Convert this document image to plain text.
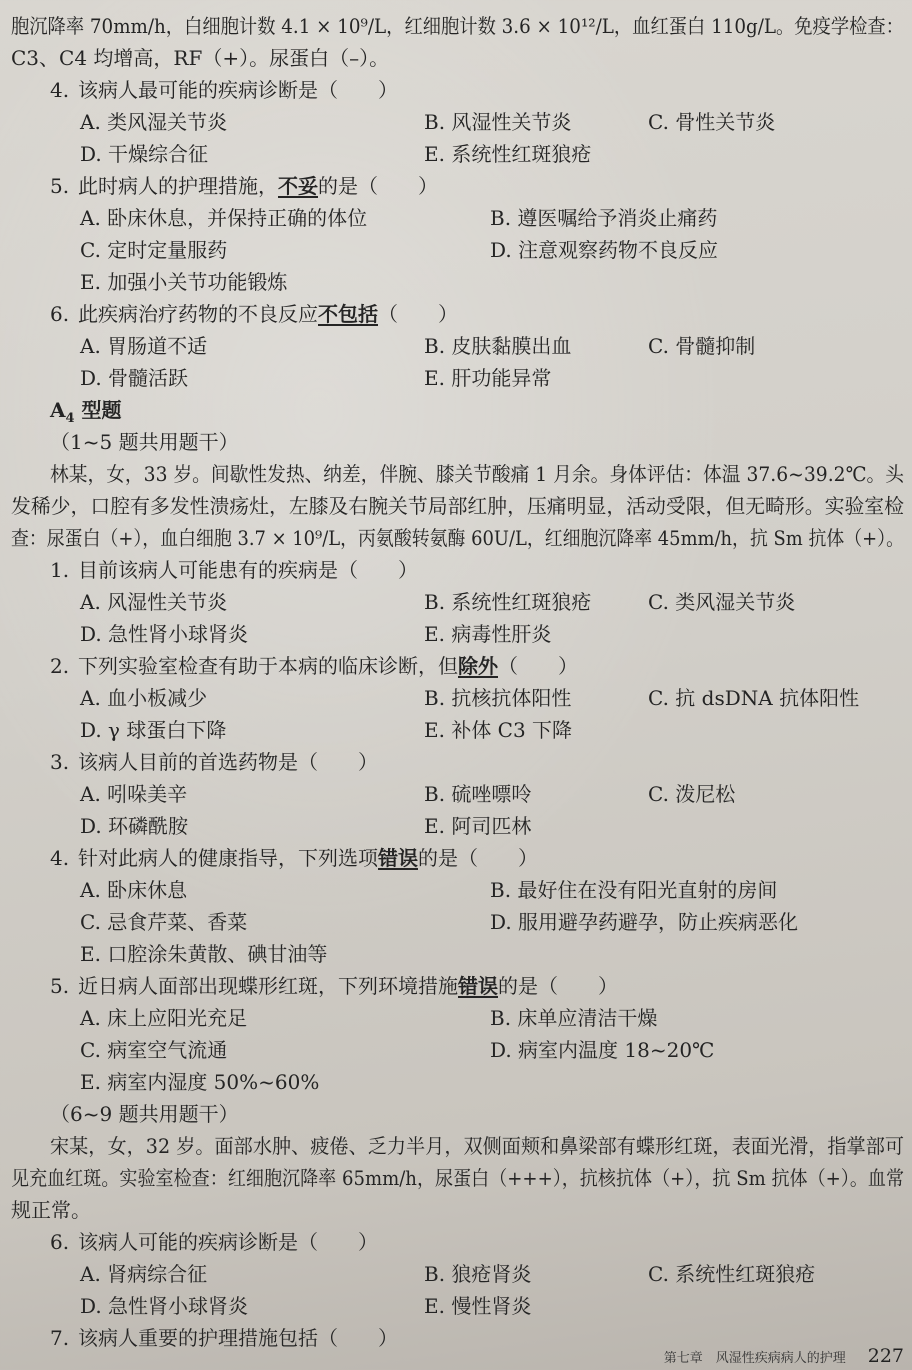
胞沉降率 70mm/h，白细胞计数 4.1 × 10⁹/L，红细胞计数 3.6 × 10¹²/L，血红蛋白 110g/L。免疫学检查：
C3、C4 均增高，RF（+）。尿蛋白（–）。
4. 该病人最可能的疾病诊断是（　　）
A. 类风湿关节炎	B. 风湿性关节炎	C. 骨性关节炎
D. 干燥综合征	E. 系统性红斑狼疮
5. 此时病人的护理措施，不妥的是（　　）
A. 卧床休息，并保持正确的体位	B. 遵医嘱给予消炎止痛药
C. 定时定量服药	D. 注意观察药物不良反应
E. 加强小关节功能锻炼
6. 此疾病治疗药物的不良反应不包括（　　）
A. 胃肠道不适	B. 皮肤黏膜出血	C. 骨髓抑制
D. 骨髓活跃	E. 肝功能异常
$A_4$ 型题
（1~5 题共用题干）
林某，女，33 岁。间歇性发热、纳差，伴腕、膝关节酸痛 1 月余。身体评估：体温 37.6~39.2℃。头
发稀少，口腔有多发性溃疡灶，左膝及右腕关节局部红肿，压痛明显，活动受限，但无畸形。实验室检
查：尿蛋白（+），血白细胞 3.7 × 10⁹/L，丙氨酸转氨酶 60U/L，红细胞沉降率 45mm/h，抗 Sm 抗体（+）。
1. 目前该病人可能患有的疾病是（　　）
A. 风湿性关节炎	B. 系统性红斑狼疮	C. 类风湿关节炎
D. 急性肾小球肾炎	E. 病毒性肝炎
2. 下列实验室检查有助于本病的临床诊断，但除外（　　）
A. 血小板减少	B. 抗核抗体阳性	C. 抗 dsDNA 抗体阳性
D. γ 球蛋白下降	E. 补体 C3 下降
3. 该病人目前的首选药物是（　　）
A. 吲哚美辛	B. 硫唑嘌呤	C. 泼尼松
D. 环磷酰胺	E. 阿司匹林
4. 针对此病人的健康指导，下列选项错误的是（　　）
A. 卧床休息	B. 最好住在没有阳光直射的房间
C. 忌食芹菜、香菜	D. 服用避孕药避孕，防止疾病恶化
E. 口腔涂朱黄散、碘甘油等
5. 近日病人面部出现蝶形红斑，下列环境措施错误的是（　　）
A. 床上应阳光充足	B. 床单应清洁干燥
C. 病室空气流通	D. 病室内温度 18~20℃
E. 病室内湿度 50%~60%
（6~9 题共用题干）
宋某，女，32 岁。面部水肿、疲倦、乏力半月，双侧面颊和鼻梁部有蝶形红斑，表面光滑，指掌部可
见充血红斑。实验室检查：红细胞沉降率 65mm/h，尿蛋白（+++），抗核抗体（+），抗 Sm 抗体（+）。血常
规正常。
6. 该病人可能的疾病诊断是（　　）
A. 肾病综合征	B. 狼疮肾炎	C. 系统性红斑狼疮
D. 急性肾小球肾炎	E. 慢性肾炎
7. 该病人重要的护理措施包括（　　）
第七章　风湿性疾病病人的护理 227
